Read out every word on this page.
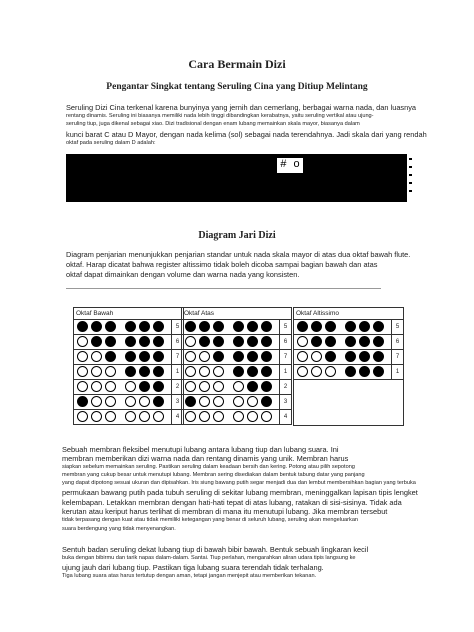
Cara Bermain Dizi
Pengantar Singkat tentang Seruling Cina yang Ditiup Melintang
Seruling Dizi Cina terkenal karena bunyinya yang jernih dan cemerlang, berbagai warna nada, dan luasnya
rentang dinamis. Seruling ini biasanya memiliki nada lebih tinggi dibandingkan kerabatnya, yaitu seruling vertikal atau ujung-
seruling tiup, juga dikenal sebagai xiao. Dizi tradisional dengan enam lubang memainkan skala mayor, biasanya dalam
kunci barat C atau D Mayor, dengan nada kelima (sol) sebagai nada terendahnya. Jadi skala dari yang rendah
oktaf pada seruling dalam D adalah:
# o
Diagram Jari Dizi
Diagram penjarian menunjukkan penjarian standar untuk nada skala mayor di atas dua oktaf bawah flute.
oktaf. Harap dicatat bahwa register altissimo tidak boleh dicoba sampai bagian bawah dan atas
oktaf dapat dimainkan dengan volume dan warna nada yang konsisten.
Oktaf Bawah
5
6
7
1
2
3
4
Oktaf Atas
5
6
7
1
2
3
4
Oktaf Altissimo
5
6
7
1
Sebuah membran fleksibel menutupi lubang antara lubang tiup dan lubang suara. Ini
membran memberikan dizi warna nada dan rentang dinamis yang unik. Membran harus
siapkan sebelum memainkan seruling. Pastikan seruling dalam keadaan bersih dan kering. Potong atau pilih sepotong
membran yang cukup besar untuk menutupi lubang. Membran sering disediakan dalam bentuk tabung datar yang panjang
yang dapat dipotong sesuai ukuran dan dipisahkan. Iris siung bawang putih segar menjadi dua dan lembut membersihkan bagian yang terbuka
permukaan bawang putih pada tubuh seruling di sekitar lubang membran, meninggalkan lapisan tipis lengket
kelembapan. Letakkan membran dengan hati-hati tepat di atas lubang, ratakan di sisi-sisinya. Tidak ada
kerutan atau keriput harus terlihat di membran di mana itu menutupi lubang. Jika membran tersebut
tidak terpasang dengan kuat atau tidak memiliki ketegangan yang benar di seluruh lubang, seruling akan mengeluarkan
suara berdengung yang tidak menyenangkan.
Sentuh badan seruling dekat lubang tiup di bawah bibir bawah. Bentuk sebuah lingkaran kecil
buka dengan bibirmu dan tarik napas dalam-dalam. Santai. Tiup perlahan, mengarahkan aliran udara tipis langsung ke
ujung jauh dari lubang tiup. Pastikan tiga lubang suara terendah tidak terhalang.
Tiga lubang suara atas harus tertutup dengan aman, tetapi jangan menjepit atau memberikan tekanan.
